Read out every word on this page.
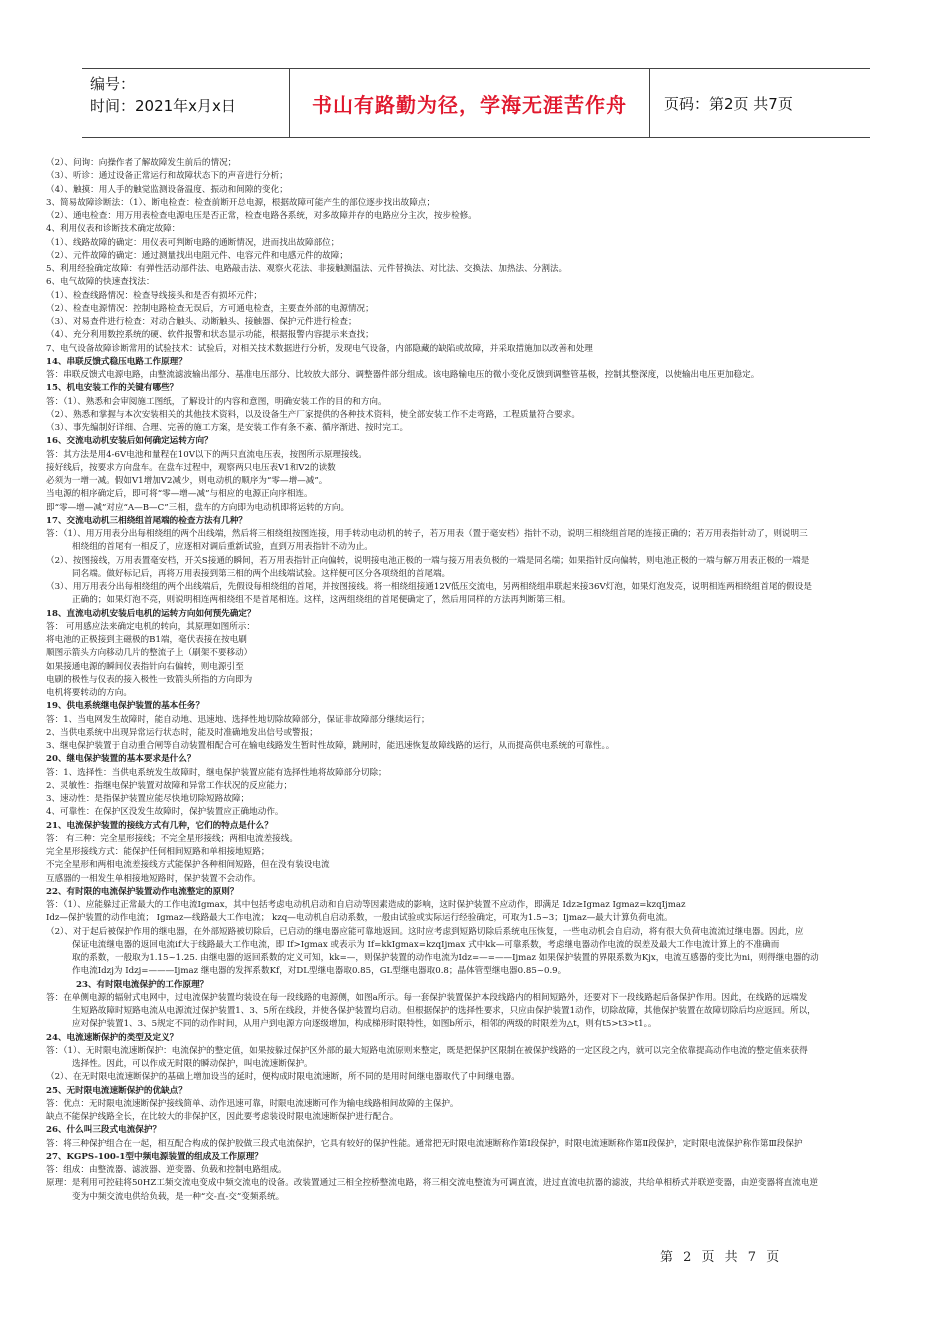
编号：
时间：2021年x月x日	书山有路勤为径，学海无涯苦作舟	页码：第2页 共7页
（2）、问询：向操作者了解故障发生前后的情况；
（3）、听诊：通过设备正常运行和故障状态下的声音进行分析；
（4）、触摸：用人手的触觉监测设备温度、振动和间隙的变化；
3、简易故障诊断法：（1）、断电检查：检查前断开总电源，根据故障可能产生的部位逐步找出故障点；
（2）、通电检查：用万用表检查电源电压是否正常，检查电路各系统，对多故障并存的电路应分主次，按步检修。
4、利用仪表和诊断技术确定故障：
（1）、线路故障的确定：用仪表可判断电路的通断情况，进而找出故障部位；
（2）、元件故障的确定：通过测量找出电阻元件、电容元件和电感元件的故障；
5、利用经验确定故障：有弹性活动部件法、电路敲击法、观察火花法、非接触测温法、元件替换法、对比法、交换法、加热法、分割法。
6、电气故障的快速查找法：
（1）、检查线路情况：检查导线接头和是否有损坏元件；
（2）、检查电源情况：控制电路检查无误后，方可通电检查，主要查外部的电源情况；
（3）、对易查件进行检查：对动合触头、动断触头、接触器、保护元件进行检查；
（4）、充分利用数控系统的硬、软件报警和状态显示功能，根据报警内容提示来查找；
7、电气设备故障诊断常用的试验技术：试验后，对相关技术数据进行分析，发现电气设备，内部隐藏的缺陷或故障，并采取措施加以改善和处理
14、串联反馈式稳压电路工作原理？
答：串联反馈式电源电路，由整流滤波输出部分、基准电压部分、比较放大部分、调整器件部分组成。该电路输电压的微小变化反馈到调整管基极，控制其整深度，以使输出电压更加稳定。
15、机电安装工作的关键有哪些？
答：（1）、熟悉和会审阅施工图纸，了解设计的内容和意图，明确安装工作的目的和方向。
（2）、熟悉和掌握与本次安装相关的其他技术资料，以及设备生产厂家提供的各种技术资料，使全部安装工作不走弯路，工程质量符合要求。
（3）、事先编制好详细、合理、完善的施工方案，是安装工作有条不紊、循序渐进、按时完工。
16、交流电动机安装后如何确定运转方向？
答：其方法是用4-6V电池和量程在10V以下的两只直流电压表，按图所示原理接线。
接好线后，按要求方向盘车。在盘车过程中，观察两只电压表V1和V2的读数
必须为一增一减。假如V1增加V2减少，则电动机的顺序为“零—增—减”。
当电源的相序确定后，即可将“零—增—减”与相应的电源正向序相连。
即“零—增—减”对应“A—B—C”三相，盘车的方向即为电动机即将运转的方向。
17、交流电动机三相绕组首尾端的检查方法有几种？
答：（1）、用万用表分出每相绕组的两个出线端，然后将三相绕组按图连接，用手转动电动机的转子，若万用表（置于毫安档）指针不动，说明三相绕组首尾的连接正确的；若万用表指针动了，则说明三
相绕组的首尾有一相反了，应逐相对调后重新试验，直到万用表指针不动为止。
（2）、按图接线，万用表置毫安档，开关S接通的瞬间，若万用表指针正向偏转，说明接电池正极的一端与接万用表负极的一端是同名端；如果指针反向偏转，则电池正极的一端与解万用表正极的一端是
同名端。做好标记后，再将万用表接到第三相的两个出线端试验。这样便可区分各项绕组的首尾端。
（3）、用万用表分出每相绕组的两个出线端后，先假设每相绕组的首尾，并按图接线。将一相绕组接通12V低压交流电，另两相绕组串联起来接36V灯泡，如果灯泡发亮，说明相连两相绕组首尾的假设是
正确的；如果灯泡不亮，则说明相连两相绕组不是首尾相连。这样，这两组绕组的首尾便确定了，然后用同样的方法再判断第三相。
18、直流电动机安装后电机的运转方向如何预先确定？
答： 可用感应法来确定电机的转向，其原理如图所示：
将电池的正极接到主磁极的B1端，毫伏表接在按电刷
顺图示箭头方向移动几片的整流子上（刷架不要移动）
如果接通电源的瞬间仪表指针向右偏转，则电源引至
电刷的极性与仪表的接入极性一致箭头所指的方向即为
电机将要转动的方向。
19、供电系统继电保护装置的基本任务？
答：1、当电网发生故障时，能自动地、迅速地、选择性地切除故障部分，保证非故障部分继续运行；
2、当供电系统中出现异常运行状态时，能及时准确地发出信号或警报；
3、继电保护装置于自动重合闸等自动装置相配合可在输电线路发生暂时性故障，跳闸时，能迅速恢复故障线路的运行，从而提高供电系统的可靠性。。
20、继电保护装置的基本要求是什么？
答：1、选择性：当供电系统发生故障时，继电保护装置应能有选择性地将故障部分切除；
2、灵敏性：指继电保护装置对故障和异常工作状况的反应能力；
3、速动性：是指保护装置应能尽快地切除短路故障；
4、可靠性：在保护区没发生故障时，保护装置应正确地动作。
21、电流保护装置的接线方式有几种，它们的特点是什么？
答： 有三种：完全星形接线；不完全星形接线；两相电流差接线。
完全星形接线方式：能保护任何相间短路和单相接地短路；
不完全星形和两相电流差接线方式能保护各种相间短路，但在没有装设电流
互感器的一相发生单相接地短路时，保护装置不会动作。
22、有时限的电流保护装置动作电流整定的原则？
答：（1）、应能躲过正常最大的工作电流Igmax，其中包括考虑电动机启动和自启动等因素造成的影响，这时保护装置不应动作，即满足 Idz≥Igmaz Igmaz=kzqIjmaz
Idz—保护装置的动作电流； Igmaz—线路最大工作电流； kzq—电动机自启动系数，一般由试验或实际运行经验确定，可取为1.5~3；Ijmaz—最大计算负荷电流。
（2）、对于起后被保护作用的继电器，在外部短路被切除后，已启动的继电器应能可靠地返回。这时应考虑到短路切除后系统电压恢复，一些电动机会自启动，将有很大负荷电流流过继电器。因此，应
保证电流继电器的返回电流if大于线路最大工作电流，即 If>Igmax 或表示为 If=kkIgmax=kzqIjmax 式中kk—可靠系数，考虑继电器动作电流的误差及最大工作电流计算上的不准确而
取的系数，一般取为1.15~1.25. 由继电器的返回系数的定义可知，kk=—，则保护装置的动作电流为Idz=—=——Ijmaz 如果保护装置的界限系数为Kjx，电流互感器的变比为ni，则得继电器的动
作电流Idzj为 Idzj=———Ijmaz 继电器的发挥系数Kf，对DL型继电器取0.85，GL型继电器取0.8；晶体管型继电器0.85~0.9。
23、有时限电流保护的工作原理？
答：在单侧电源的辐射式电网中，过电流保护装置均装设在每一段线路的电源侧，如图a所示。每一套保护装置保护本段线路内的相间短路外，还要对下一段线路起后备保护作用。因此，在线路的远端发
生短路故障时短路电流从电源流过保护装置1、3、5所在线段，并使各保护装置均启动。但根据保护的选择性要求，只应由保护装置1动作，切除故障，其他保护装置在故障切除后均应返回。所以，
应对保护装置1、3、5规定不同的动作时间，从用户到电源方向逐级增加，构成梯形时限特性，如图b所示，相邻的两级的时限差为△t，则有t5>t3>t1。。
24、电流速断保护的类型及定义？
答：（1）、无时限电流速断保护：电流保护的整定值，如果按躲过保护区外部的最大短路电流原则来整定，既是把保护区限制在被保护线路的一定区段之内，就可以完全依靠提高动作电流的整定值来获得
选择性。因此，可以作成无时限的瞬动保护，叫电流速断保护。
（2）、在无时限电流速断保护的基础上增加设当的延时，便构成时限电流速断，所不同的是用时间继电器取代了中间继电器。
25、无时限电流速断保护的优缺点？
答：优点：无时限电流速断保护接线简单、动作迅速可靠，时限电流速断可作为输电线路相间故障的主保护。
缺点不能保护线路全长，在比较大的非保护区，因此要考虑装设时限电流速断保护进行配合。
26、什么叫三段式电流保护？
答：将三种保护组合在一起，相互配合构成的保护胶做三段式电流保护，它具有较好的保护性能。通常把无时限电流速断称作第Ⅰ段保护，时限电流速断称作第Ⅱ段保护，定时限电流保护称作第Ⅲ段保护
27、KGPS-100-1型中频电源装置的组成及工作原理？
答：组成：由整流器、滤波器、逆变器、负载和控制电路组成。
原理：是利用可控硅将50HZ工频交流电变成中频交流电的设备。改装置通过三相全控桥整流电路，将三相交流电整流为可调直流，进过直流电抗器的滤波，共给单相桥式并联逆变器，由逆变器将直流电逆
变为中频交流电供给负载，是一种“交-直-交”变频系统。
第 2 页 共 7 页
